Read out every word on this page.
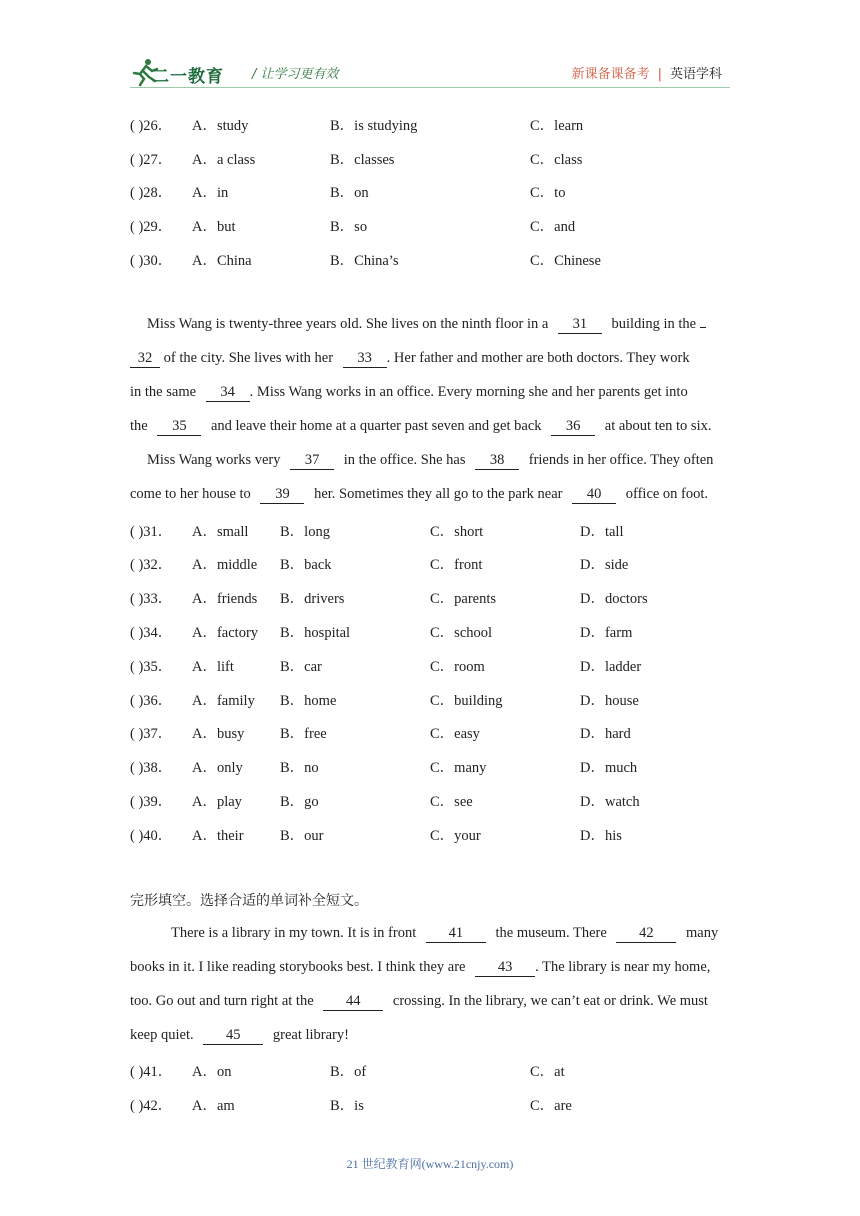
二一教育 / 让学习更有效	新课备课备考 | 英语学科
( )26． A．study	B．is studying	C．learn
( )27． A．a class	B．classes	C．class
( )28． A．in	B．on	C．to
( )29． A．but	B．so	C．and
( )30． A．China	B．China’s	C．Chinese
Miss Wang is twenty-three years old. She lives on the ninth floor in a 31 building in the
32 of the city. She lives with her 33 . Her father and mother are both doctors. They work
in the same 34 . Miss Wang works in an office. Every morning she and her parents get into
the 35 and leave their home at a quarter past seven and get back 36 at about ten to six.
Miss Wang works very 37 in the office. She has 38 friends in her office. They often
come to her house to 39 her. Sometimes they all go to the park near 40 office on foot.
( )31． A．small B．long	C．short	D．tall
( )32． A．middle B．back	C．front	D．side
( )33． A．friends B．drivers	C．parents	D．doctors
( )34． A．factory B．hospital	C．school	D．farm
( )35． A．lift	B．car	C．room	D．ladder
( )36． A．family B．home	C．building	D．house
( )37． A．busy B．free	C．easy	D．hard
( )38． A．only	B．no	C．many	D．much
( )39． A．play	B．go	C．see	D．watch
( )40． A．their	B．our	C．your	D．his
完形填空。选择合适的单词补全短文。
There is a library in my town. It is in front 41 the museum. There 42 many
books in it. I like reading storybooks best. I think they are 43 . The library is near my home,
too. Go out and turn right at the 44 crossing. In the library, we can’t eat or drink. We must
keep quiet. 45 great library!
( )41． A．on	B．of	C．at
( )42． A．am	B．is	C．are
21 世纪教育网(www.21cnjy.com)
